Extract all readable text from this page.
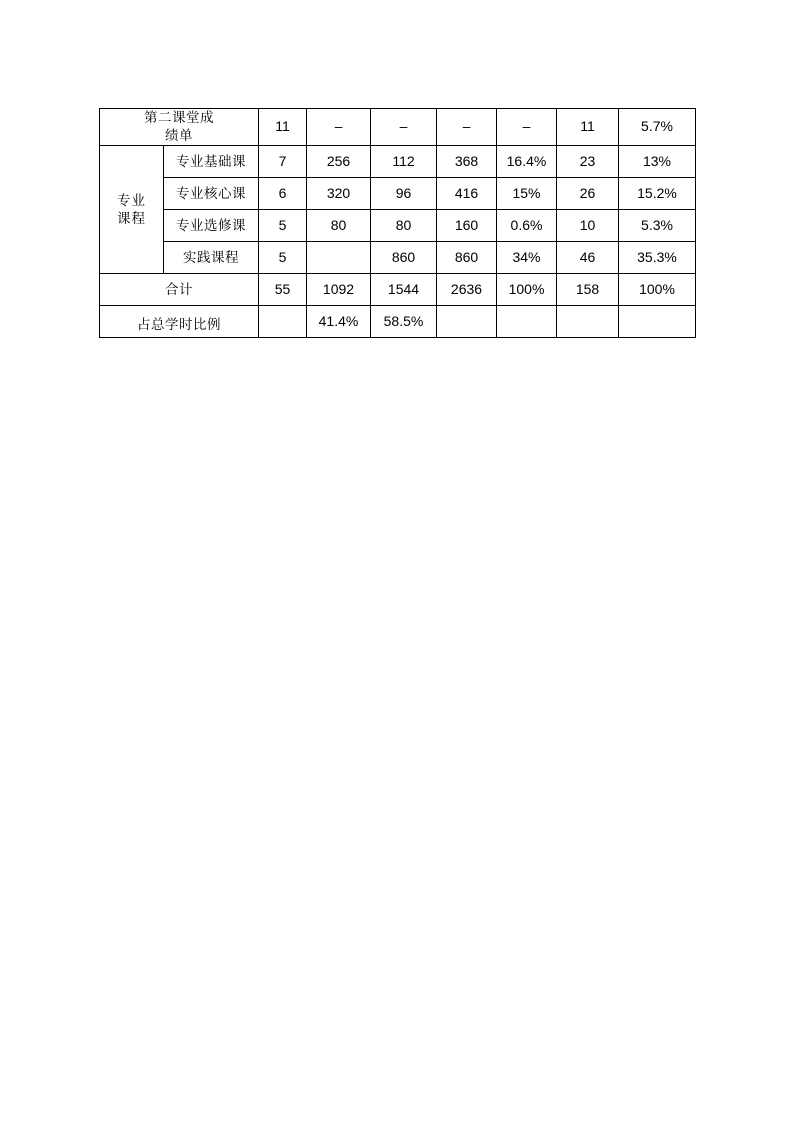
第二课堂成
绩单		11	–	–	–	–	11	5.7%

专业
课程	专业基础课	7	256	112	368	16.4%	23	13%
	专业核心课	6	320	96	416	15%	26	15.2%
	专业选修课	5	80	80	160	0.6%	10	5.3%
	实践课程	5		860	860	34%	46	35.3%
合计		55	1092	1544	2636	100%	158	100%
占总学时比例			41.4%	58.5%				
